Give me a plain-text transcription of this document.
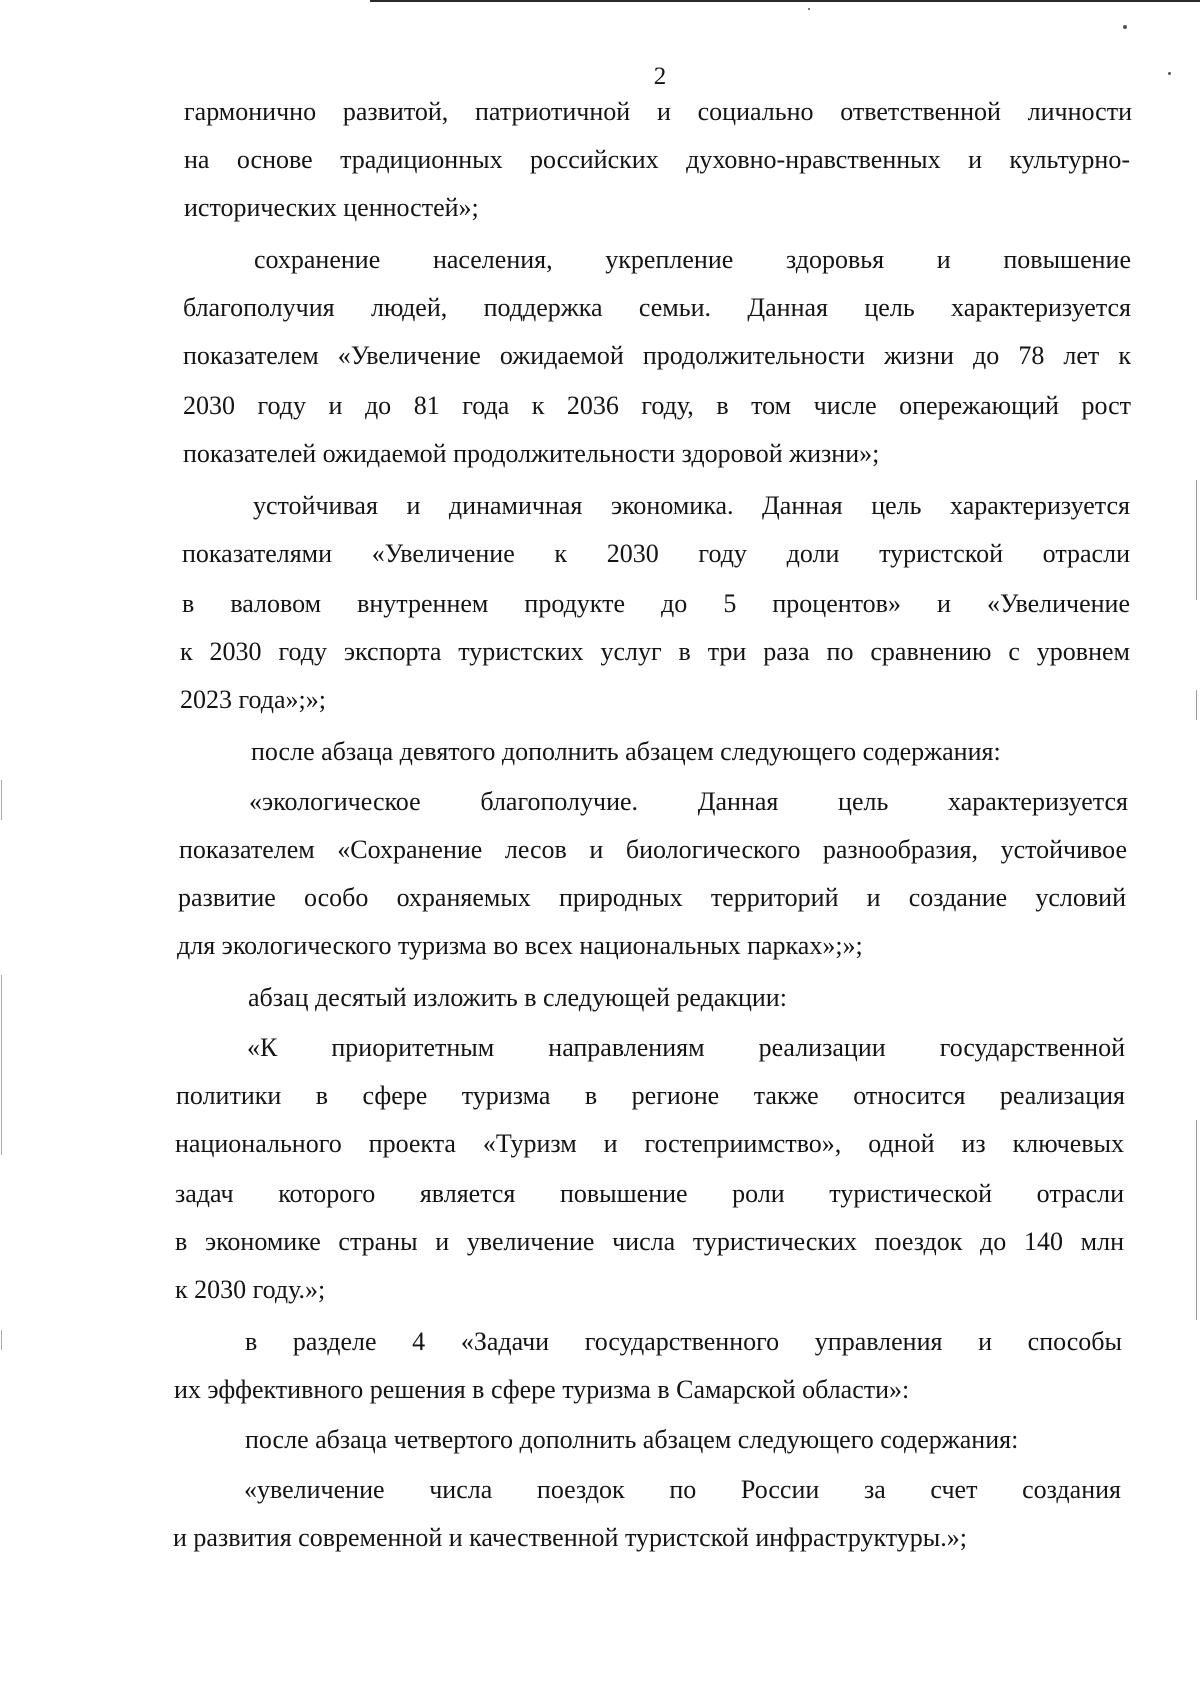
2
гармонично развитой, патриотичной и социально ответственной личности
на основе традиционных российских духовно-нравственных и культурно-
исторических ценностей»;
сохранение населения, укрепление здоровья и повышение
благополучия людей, поддержка семьи. Данная цель характеризуется
показателем «Увеличение ожидаемой продолжительности жизни до 78 лет к
2030 году и до 81 года к 2036 году, в том числе опережающий рост
показателей ожидаемой продолжительности здоровой жизни»;
устойчивая и динамичная экономика. Данная цель характеризуется
показателями «Увеличение к 2030 году доли туристской отрасли
в валовом внутреннем продукте до 5 процентов» и «Увеличение
к 2030 году экспорта туристских услуг в три раза по сравнению с уровнем
2023 года»;»;
после абзаца девятого дополнить абзацем следующего содержания:
«экологическое благополучие. Данная цель характеризуется
показателем «Сохранение лесов и биологического разнообразия, устойчивое
развитие особо охраняемых природных территорий и создание условий
для экологического туризма во всех национальных парках»;»;
абзац десятый изложить в следующей редакции:
«К приоритетным направлениям реализации государственной
политики в сфере туризма в регионе также относится реализация
национального проекта «Туризм и гостеприимство», одной из ключевых
задач которого является повышение роли туристической отрасли
в экономике страны и увеличение числа туристических поездок до 140 млн
к 2030 году.»;
в разделе 4 «Задачи государственного управления и способы
их эффективного решения в сфере туризма в Самарской области»:
после абзаца четвертого дополнить абзацем следующего содержания:
«увеличение числа поездок по России за счет создания
и развития современной и качественной туристской инфраструктуры.»;
